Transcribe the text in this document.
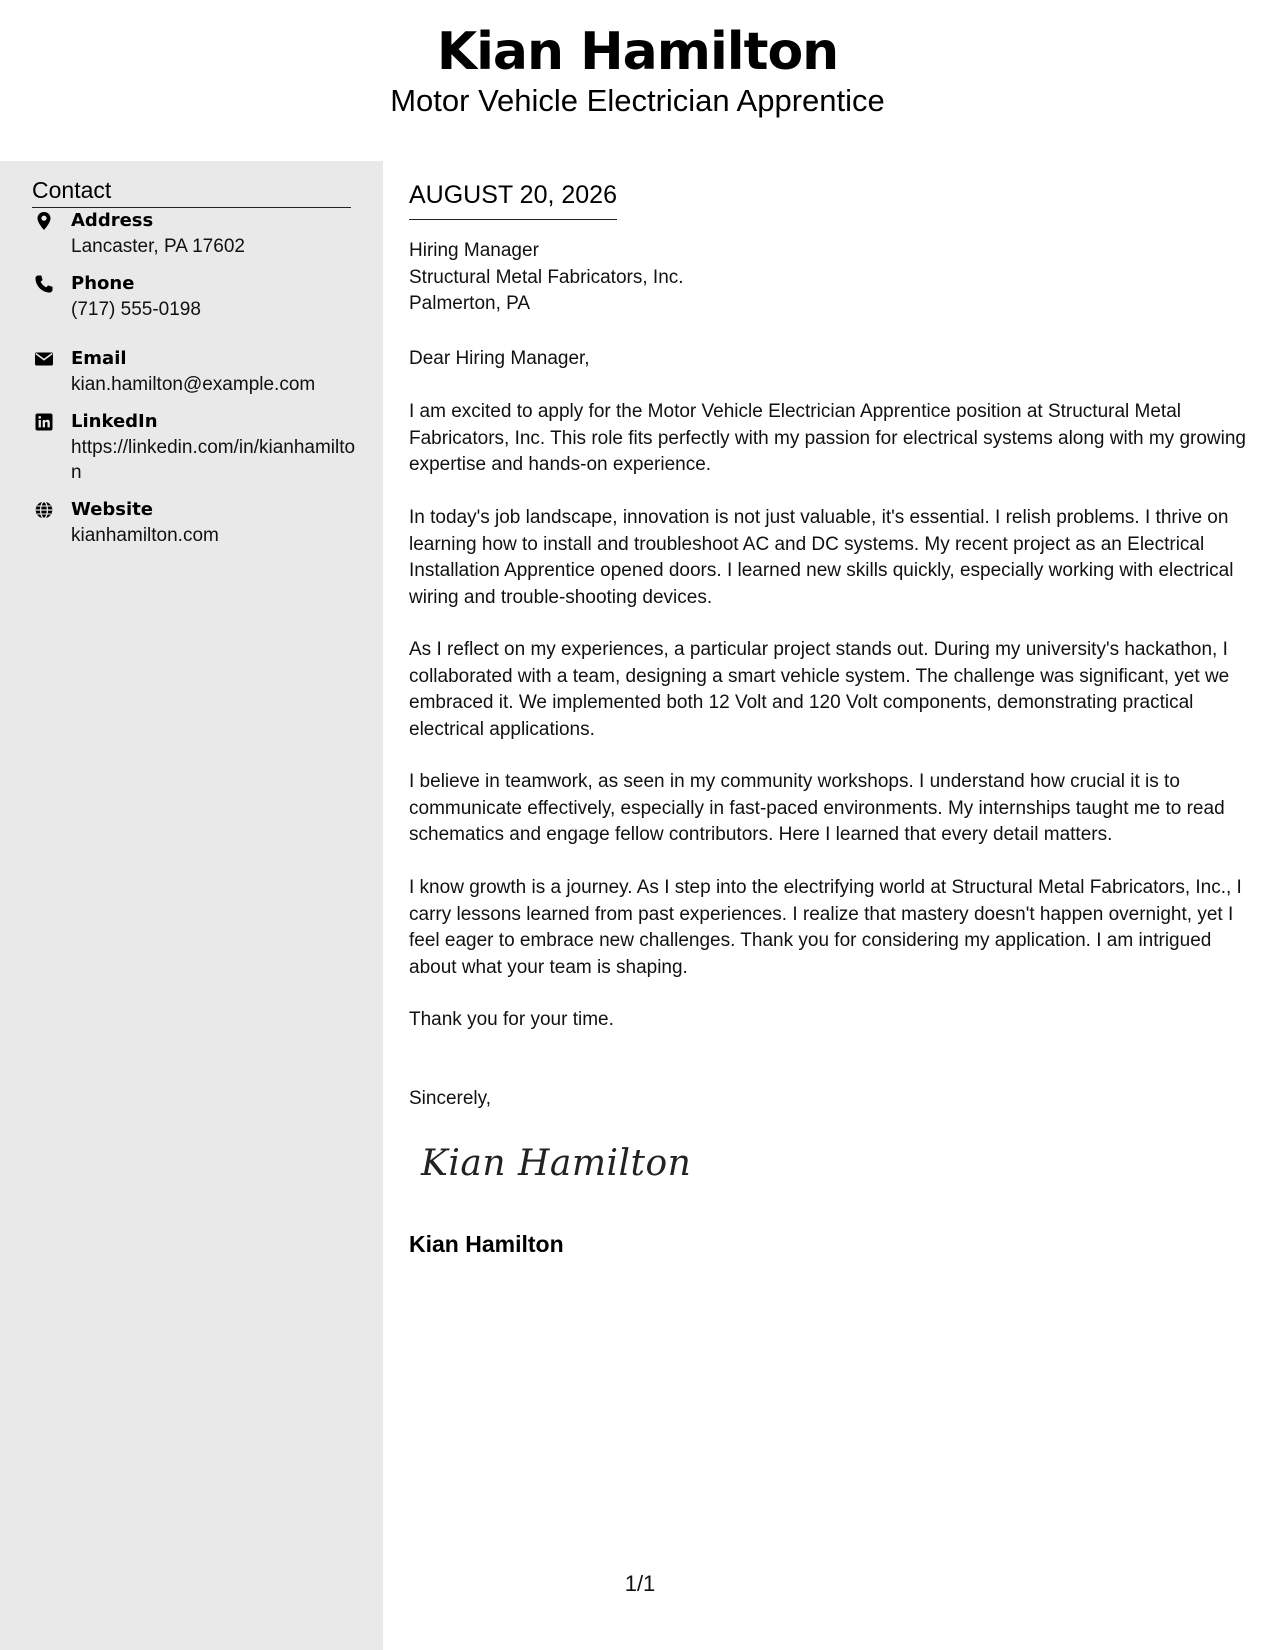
Kian Hamilton
Motor Vehicle Electrician Apprentice
Contact
Address
Lancaster, PA 17602
Phone
(717) 555-0198
Email
kian.hamilton@example.com
LinkedIn
https://linkedin.com/in/kianhamilton
Website
kianhamilton.com
AUGUST 20, 2026
Hiring Manager
Structural Metal Fabricators, Inc.
Palmerton, PA
Dear Hiring Manager,

I am excited to apply for the Motor Vehicle Electrician Apprentice position at Structural Metal Fabricators, Inc. This role fits perfectly with my passion for electrical systems along with my growing expertise and hands-on experience.

In today's job landscape, innovation is not just valuable, it's essential. I relish problems. I thrive on learning how to install and troubleshoot AC and DC systems. My recent project as an Electrical Installation Apprentice opened doors. I learned new skills quickly, especially working with electrical wiring and trouble-shooting devices.

As I reflect on my experiences, a particular project stands out. During my university's hackathon, I collaborated with a team, designing a smart vehicle system. The challenge was significant, yet we embraced it. We implemented both 12 Volt and 120 Volt components, demonstrating practical electrical applications.

I believe in teamwork, as seen in my community workshops. I understand how crucial it is to communicate effectively, especially in fast-paced environments. My internships taught me to read schematics and engage fellow contributors. Here I learned that every detail matters.

I know growth is a journey. As I step into the electrifying world at Structural Metal Fabricators, Inc., I carry lessons learned from past experiences. I realize that mastery doesn't happen overnight, yet I feel eager to embrace new challenges. Thank you for considering my application. I am intrigued about what your team is shaping.

Thank you for your time.

Sincerely,
Kian Hamilton
Kian Hamilton
1/1
